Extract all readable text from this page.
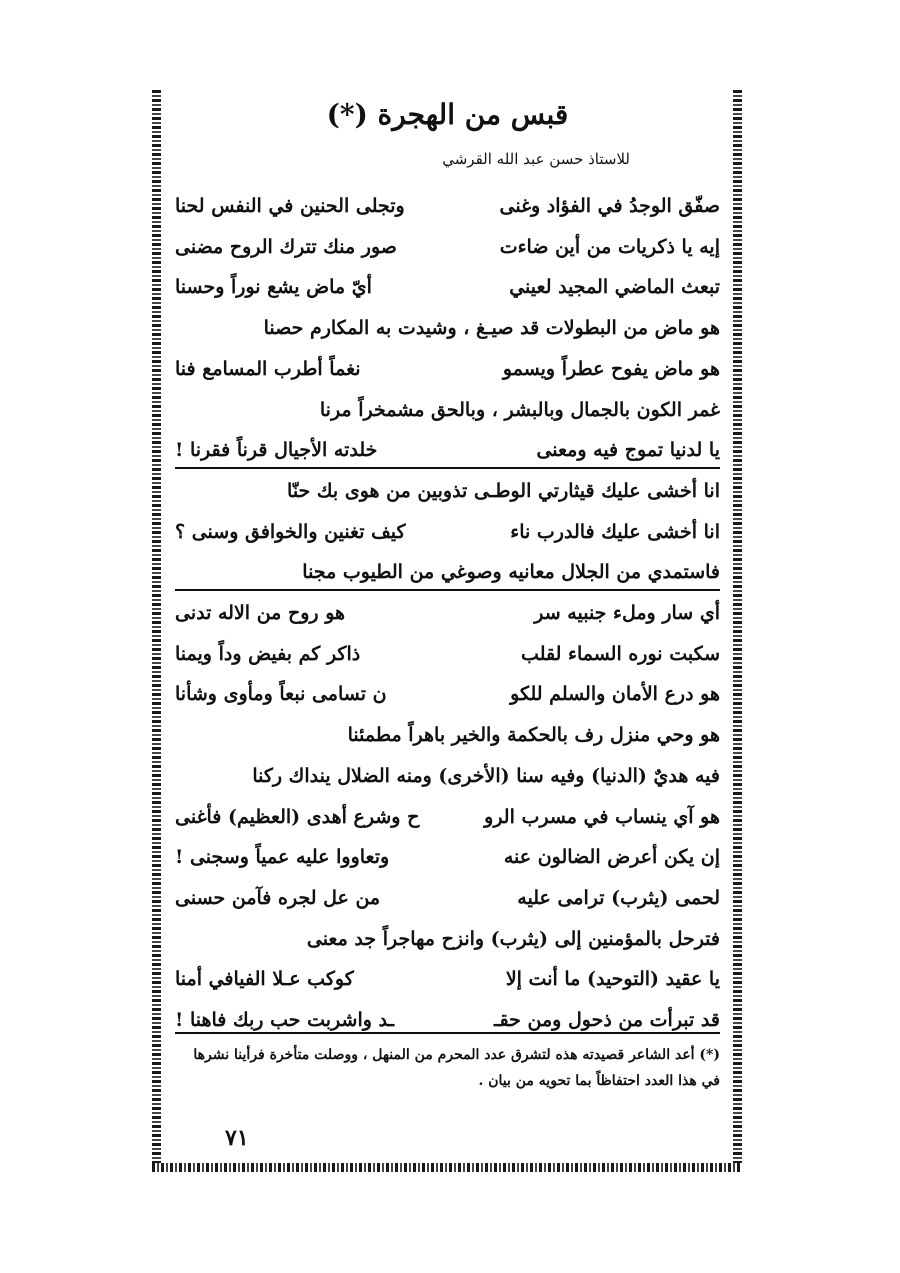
قبس من الهجرة (*)
للاستاذ حسن عبد الله القرشي
صفّق الوجدُ في الفؤاد وغنى
وتجلى الحنين في النفس لحنا
إيه يا ذكريات من أين ضاءت
صور منك تترك الروح مضنى
تبعث الماضي المجيد لعيني
أيّ ماض يشع نوراً وحسنا
هو ماض من البطولات قد صيـغ ، وشيدت به المكارم حصنا
هو ماض يفوح عطراً ويسمو
نغماً أطرب المسامع فنا
غمر الكون بالجمال وبالبشر ، وبالحق مشمخراً مرنا
يا لدنيا تموج فيه ومعنى
خلدته الأجيال قرناً فقرنا !
انا أخشى عليك قيثارتي الوطـى تذوبين من هوى بك حنّا
انا أخشى عليك فالدرب ناء
كيف تغنين والخوافق وسنى ؟
فاستمدي من الجلال معانيه وصوغي من الطيوب مجنا
أي سار وملء جنبيه سر
هو روح من الاله تدنى
سكبت نوره السماء لقلب
ذاكر كم بفيض وداً ويمنا
هو درع الأمان والسلم للكو
ن تسامى نبعاً ومأوى وشأنا
هو وحي منزل رف بالحكمة والخير باهراً مطمئنا
فيه هديٌ (الدنيا) وفيه سنا (الأخرى) ومنه الضلال ينداك ركنا
هو آي ينساب في مسرب الرو
ح وشرع أهدى (العظيم) فأغنى
إن يكن أعرض الضالون عنه
وتعاووا عليه عمياً وسجنى !
لحمى (يثرب) ترامى عليه
من عل لجره فآمن حسنى
فترحل بالمؤمنين إلى (يثرب) وانزح مهاجراً جد معنى
يا عقيد (التوحيد) ما أنت إلا
كوكب عـلا الفيافي أمنا
قد تبرأت من ذحول ومن حقـ
ـد واشربت حب ربك فاهنا !
(*) أعد الشاعر قصيدته هذه لتشرق عدد المحرم من المنهل ، ووصلت متأخرة فرأينا نشرها في هذا العدد احتفاظاً بما تحويه من بيان .
٧١
